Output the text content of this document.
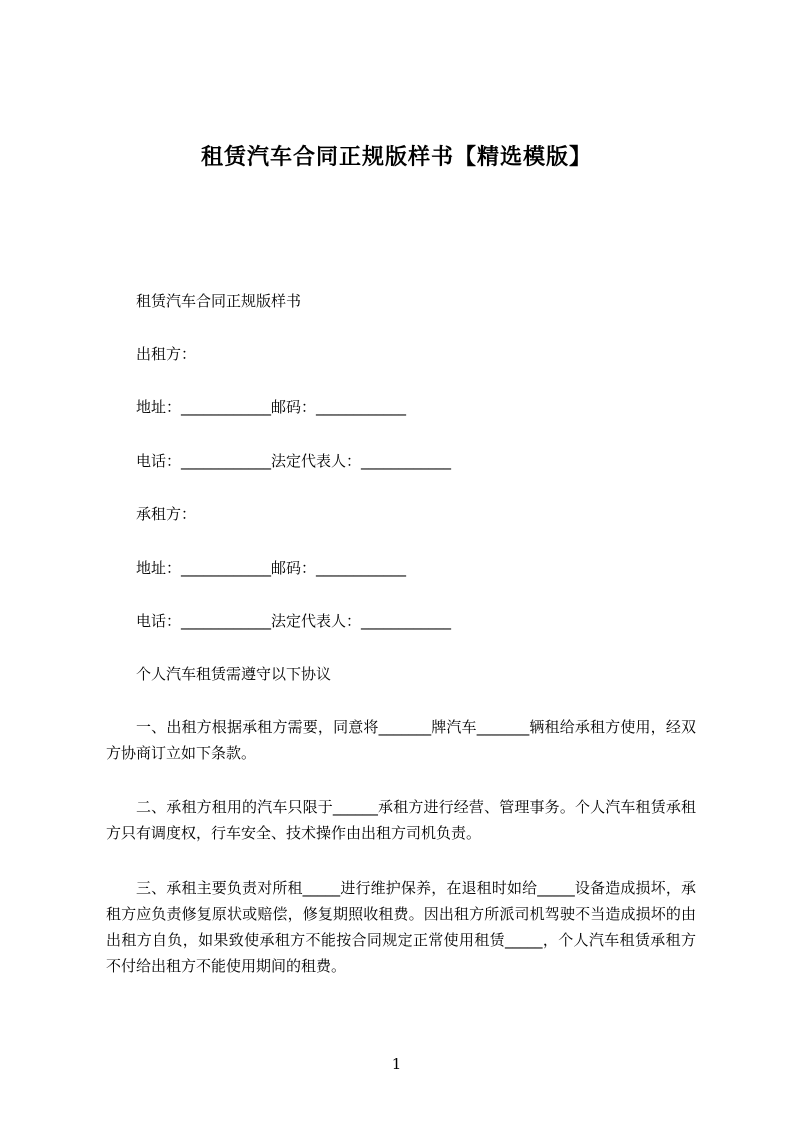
租赁汽车合同正规版样书【精选模版】
租赁汽车合同正规版样书
出租方：
地址：____________邮码：____________
电话：____________法定代表人：____________
承租方：
地址：____________邮码：____________
电话：____________法定代表人：____________
个人汽车租赁需遵守以下协议
一、出租方根据承租方需要，同意将_______牌汽车_______辆租给承租方使用，经双方协商订立如下条款。
二、承租方租用的汽车只限于______承租方进行经营、管理事务。个人汽车租赁承租方只有调度权，行车安全、技术操作由出租方司机负责。
三、承租主要负责对所租_____进行维护保养，在退租时如给_____设备造成损坏，承租方应负责修复原状或赔偿，修复期照收租费。因出租方所派司机驾驶不当造成损坏的由出租方自负，如果致使承租方不能按合同规定正常使用租赁_____，个人汽车租赁承租方不付给出租方不能使用期间的租费。
1
